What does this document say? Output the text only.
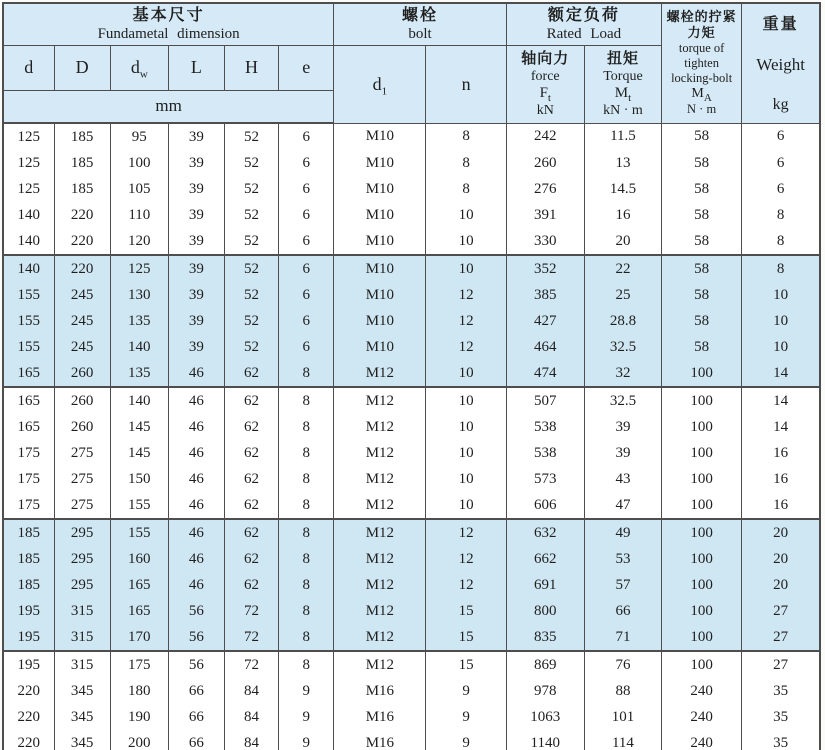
基本尺寸
Fundametal dimension

螺栓
bolt

额定负荷
Rated Load

螺栓的拧紧
力矩
torque of
tighten
locking-bolt
$M_A$
N · m

重量
Weight
kg

d	D	$d_w$	L	H	e	$d_1$	n	
轴向力
force
$F_t$
kN

扭矩
Torque
$M_t$
kN · m

mm											
125	185	95	39	52	6	M10	8	242	11.5	58	6
125	185	100	39	52	6	M10	8	260	13	58	6
125	185	105	39	52	6	M10	8	276	14.5	58	6
140	220	110	39	52	6	M10	10	391	16	58	8
140	220	120	39	52	6	M10	10	330	20	58	8
140	220	125	39	52	6	M10	10	352	22	58	8
155	245	130	39	52	6	M10	12	385	25	58	10
155	245	135	39	52	6	M10	12	427	28.8	58	10
155	245	140	39	52	6	M10	12	464	32.5	58	10
165	260	135	46	62	8	M12	10	474	32	100	14
165	260	140	46	62	8	M12	10	507	32.5	100	14
165	260	145	46	62	8	M12	10	538	39	100	14
175	275	145	46	62	8	M12	10	538	39	100	16
175	275	150	46	62	8	M12	10	573	43	100	16
175	275	155	46	62	8	M12	10	606	47	100	16
185	295	155	46	62	8	M12	12	632	49	100	20
185	295	160	46	62	8	M12	12	662	53	100	20
185	295	165	46	62	8	M12	12	691	57	100	20
195	315	165	56	72	8	M12	15	800	66	100	27
195	315	170	56	72	8	M12	15	835	71	100	27
195	315	175	56	72	8	M12	15	869	76	100	27
220	345	180	66	84	9	M16	9	978	88	240	35
220	345	190	66	84	9	M16	9	1063	101	240	35
220	345	200	66	84	9	M16	9	1140	114	240	35
